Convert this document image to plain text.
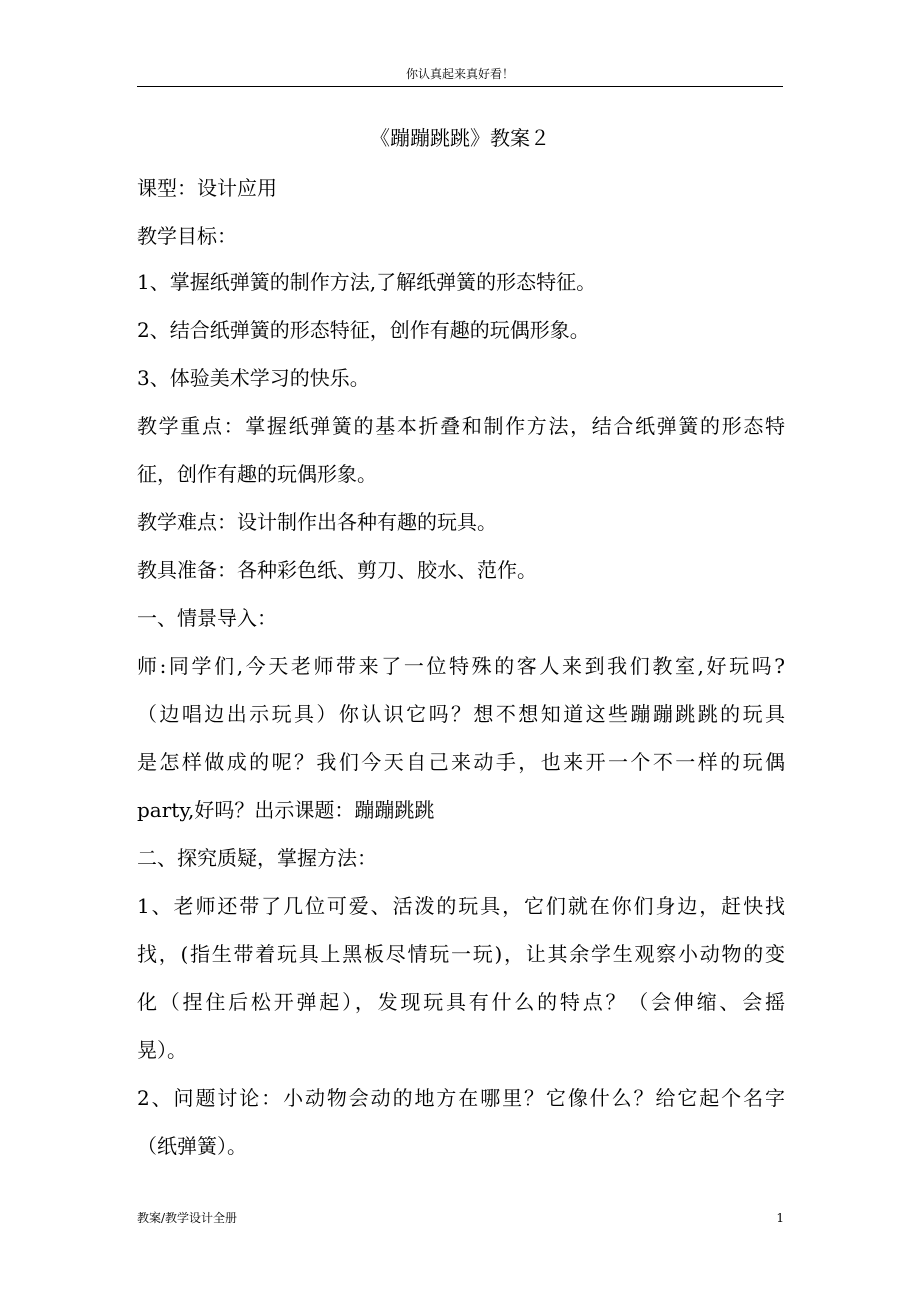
你认真起来真好看！
《蹦蹦跳跳》教案２
课型：设计应用
教学目标：
1、掌握纸弹簧的制作方法,了解纸弹簧的形态特征。
2、结合纸弹簧的形态特征，创作有趣的玩偶形象。
3、体验美术学习的快乐。
教学重点：掌握纸弹簧的基本折叠和制作方法，结合纸弹簧的形态特
征，创作有趣的玩偶形象。
教学难点：设计制作出各种有趣的玩具。
教具准备：各种彩色纸、剪刀、胶水、范作。
一、情景导入：
师:同学们,今天老师带来了一位特殊的客人来到我们教室,好玩吗?
（边唱边出示玩具）你认识它吗？想不想知道这些蹦蹦跳跳的玩具
是怎样做成的呢？我们今天自己来动手，也来开一个不一样的玩偶
party,好吗？出示课题：蹦蹦跳跳
二、探究质疑，掌握方法：
1、老师还带了几位可爱、活泼的玩具，它们就在你们身边，赶快找
找，(指生带着玩具上黑板尽情玩一玩)，让其余学生观察小动物的变
化（捏住后松开弹起），发现玩具有什么的特点？（会伸缩、会摇
晃）。
2、问题讨论：小动物会动的地方在哪里？它像什么？给它起个名字
（纸弹簧）。
教案/教学设计全册	1
